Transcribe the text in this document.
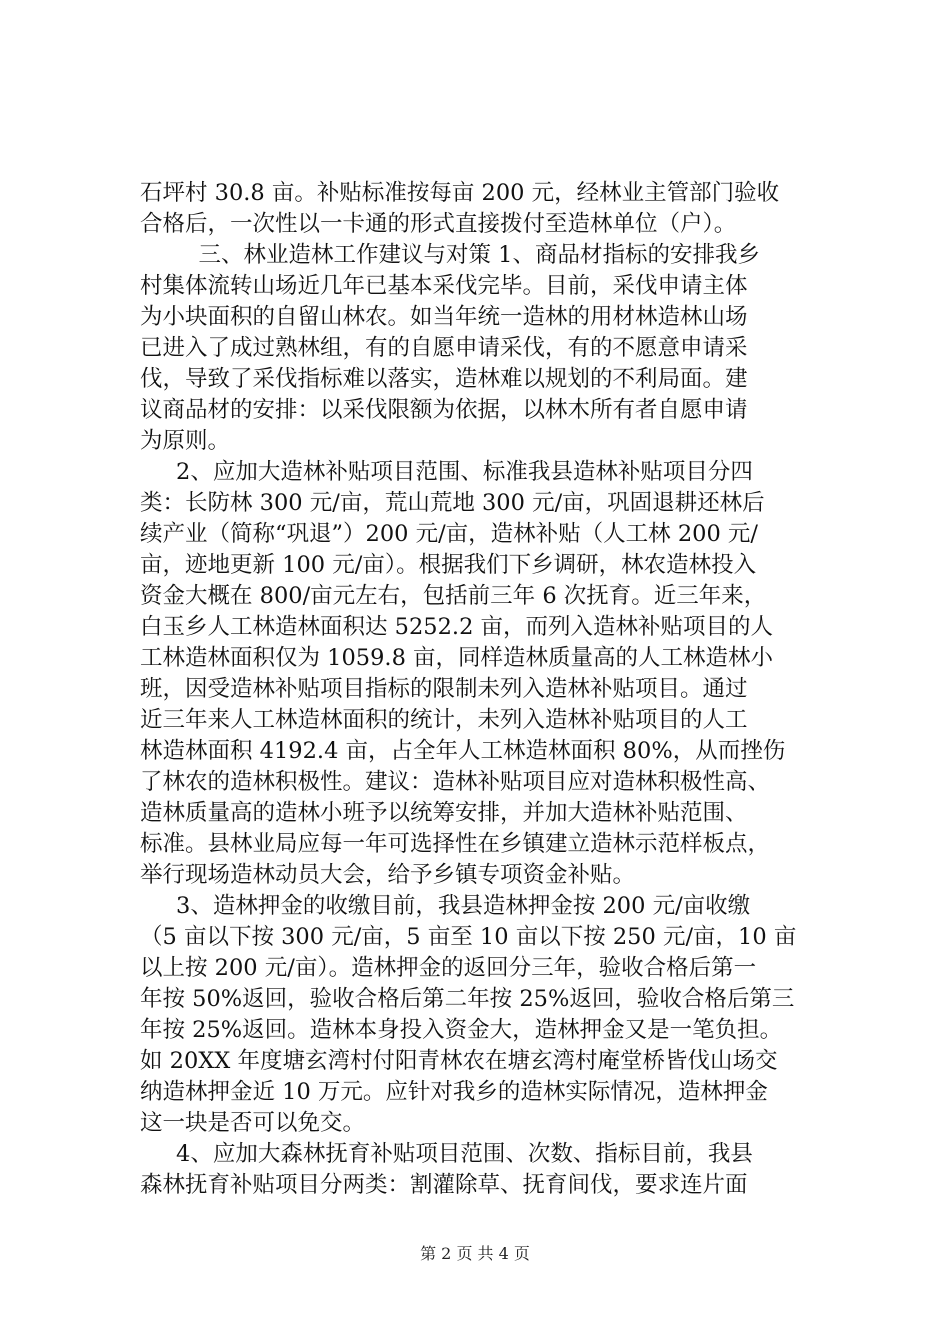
石坪村 30.8 亩。补贴标准按每亩 200 元，经林业主管部门验收
合格后，一次性以一卡通的形式直接拨付至造林单位（户）。
　三、林业造林工作建议与对策 1、商品材指标的安排我乡
村集体流转山场近几年已基本采伐完毕。目前，采伐申请主体
为小块面积的自留山林农。如当年统一造林的用材林造林山场
已进入了成过熟林组，有的自愿申请采伐，有的不愿意申请采
伐，导致了采伐指标难以落实，造林难以规划的不利局面。建
议商品材的安排：以采伐限额为依据，以林木所有者自愿申请
为原则。
2、应加大造林补贴项目范围、标准我县造林补贴项目分四
类：长防林 300 元/亩，荒山荒地 300 元/亩，巩固退耕还林后
续产业（简称“巩退”）200 元/亩，造林补贴（人工林 200 元/
亩，迹地更新 100 元/亩）。根据我们下乡调研，林农造林投入
资金大概在 800/亩元左右，包括前三年 6 次抚育。近三年来，
白玉乡人工林造林面积达 5252.2 亩，而列入造林补贴项目的人
工林造林面积仅为 1059.8 亩，同样造林质量高的人工林造林小
班，因受造林补贴项目指标的限制未列入造林补贴项目。通过
近三年来人工林造林面积的统计，未列入造林补贴项目的人工
林造林面积 4192.4 亩，占全年人工林造林面积 80%，从而挫伤
了林农的造林积极性。建议：造林补贴项目应对造林积极性高、
造林质量高的造林小班予以统筹安排，并加大造林补贴范围、
标准。县林业局应每一年可选择性在乡镇建立造林示范样板点，
举行现场造林动员大会，给予乡镇专项资金补贴。
3、造林押金的收缴目前，我县造林押金按 200 元/亩收缴
（5 亩以下按 300 元/亩，5 亩至 10 亩以下按 250 元/亩，10 亩
以上按 200 元/亩）。造林押金的返回分三年，验收合格后第一
年按 50%返回，验收合格后第二年按 25%返回，验收合格后第三
年按 25%返回。造林本身投入资金大，造林押金又是一笔负担。
如 20XX 年度塘玄湾村付阳青林农在塘玄湾村庵堂桥皆伐山场交
纳造林押金近 10 万元。应针对我乡的造林实际情况，造林押金
这一块是否可以免交。
4、应加大森林抚育补贴项目范围、次数、指标目前，我县
森林抚育补贴项目分两类：割灌除草、抚育间伐，要求连片面
第 2 页 共 4 页
